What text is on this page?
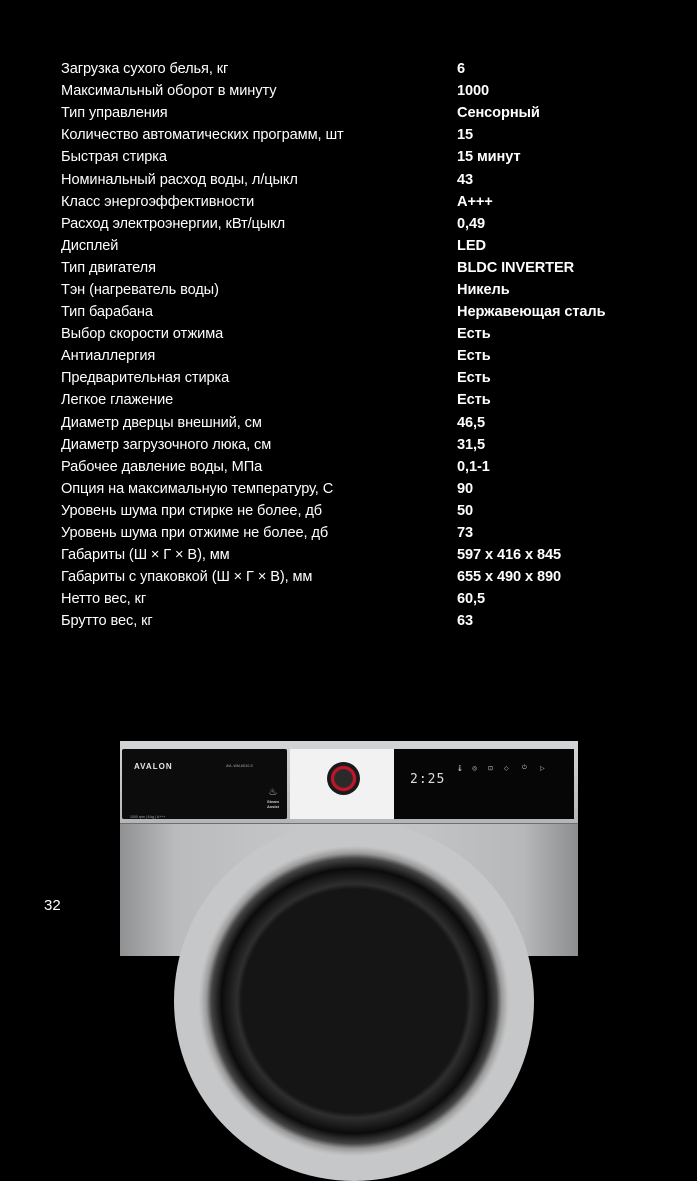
Загрузка сухого белья, кг	6
Максимальный оборот в минуту	1000
Тип управления	Сенсорный
Количество автоматических программ, шт	15
Быстрая стирка	15 минут
Номинальный расход воды, л/цыкл	43
Класс энергоэффективности	А+++
Расход электроэнергии, кВт/цыкл	0,49
Дисплей	LED
Тип двигателя	BLDC INVERTER
Тэн (нагреватель воды)	Никель
Тип барабана	Нержавеющая сталь
Выбор скорости отжима	Есть
Антиаллергия	Есть
Предварительная стирка	Есть
Легкое глажение	Есть
Диаметр дверцы внешний, см	46,5
Диаметр загрузочного люка, см	31,5
Рабочее давление воды, МПа	0,1-1
Опция на максимальную температуру, С	90
Уровень шума при стирке не более, дб	50
Уровень шума при отжиме не более, дб	73
Габариты (Ш × Г × В), мм	597 x 416 x 845
Габариты с упаковкой (Ш × Г × В), мм	655 x 490 x 890
Нетто вес, кг	60,5
Брутто вес, кг	63
AVALON	AVL-WM-6D10-S
1000 rpm | 6 kg | A+++
♨
Steam
Assist
2:25
🌡 ◎ ⊡ ◇ ⏻ ▷
32
